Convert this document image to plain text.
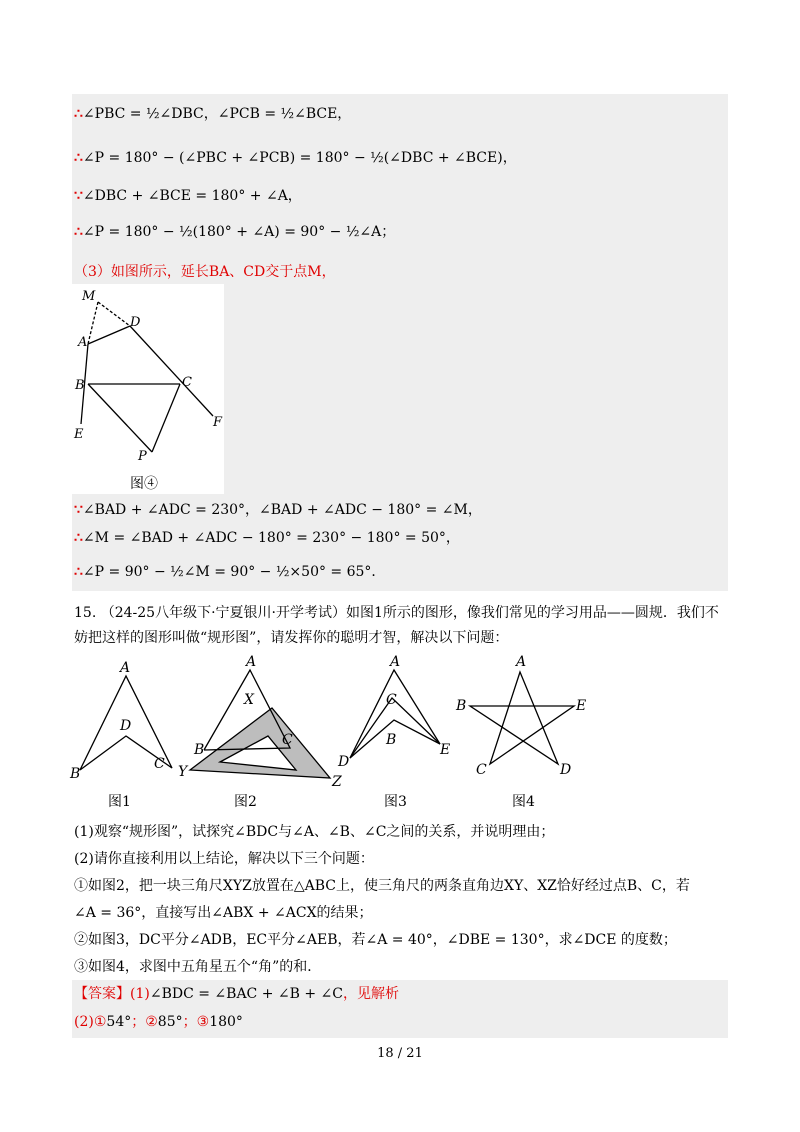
∴∠PBC = ½∠DBC，∠PCB = ½∠BCE，
∴∠P = 180° − (∠PBC + ∠PCB) = 180° − ½(∠DBC + ∠BCE)，
∵∠DBC + ∠BCE = 180° + ∠A，
∴∠P = 180° − ½(180° + ∠A) = 90° − ½∠A；
（3）如图所示，延长BA、CD交于点M，
M
D
A
B	C
E
F
P
图④
∵∠BAD + ∠ADC = 230°，∠BAD + ∠ADC − 180° = ∠M，
∴∠M = ∠BAD + ∠ADC − 180° = 230° − 180° = 50°，
∴∠P = 90° − ½∠M = 90° − ½×50° = 65°．
15. （24-25八年级下·宁夏银川·开学考试）如图1所示的图形，像我们常见的学习用品——圆规．我们不
妨把这样的图形叫做“规形图”，请发挥你的聪明才智，解决以下问题：
A
D
B
C
A
X
B
C
Y
Z
A
C
B
D
E
A
B	E
C	D
图1	图2	图3	图4
(1)观察“规形图”，试探究∠BDC与∠A、∠B、∠C之间的关系，并说明理由；
(2)请你直接利用以上结论，解决以下三个问题：
①如图2，把一块三角尺XYZ放置在△ABC上，使三角尺的两条直角边XY、XZ恰好经过点B、C，若
∠A = 36°，直接写出∠ABX + ∠ACX的结果；
②如图3，DC平分∠ADB，EC平分∠AEB，若∠A = 40°，∠DBE = 130°，求∠DCE 的度数；
③如图4，求图中五角星五个“角”的和．
【答案】(1)∠BDC = ∠BAC + ∠B + ∠C，见解析
(2)①54°；②85°；③180°
18 / 21
